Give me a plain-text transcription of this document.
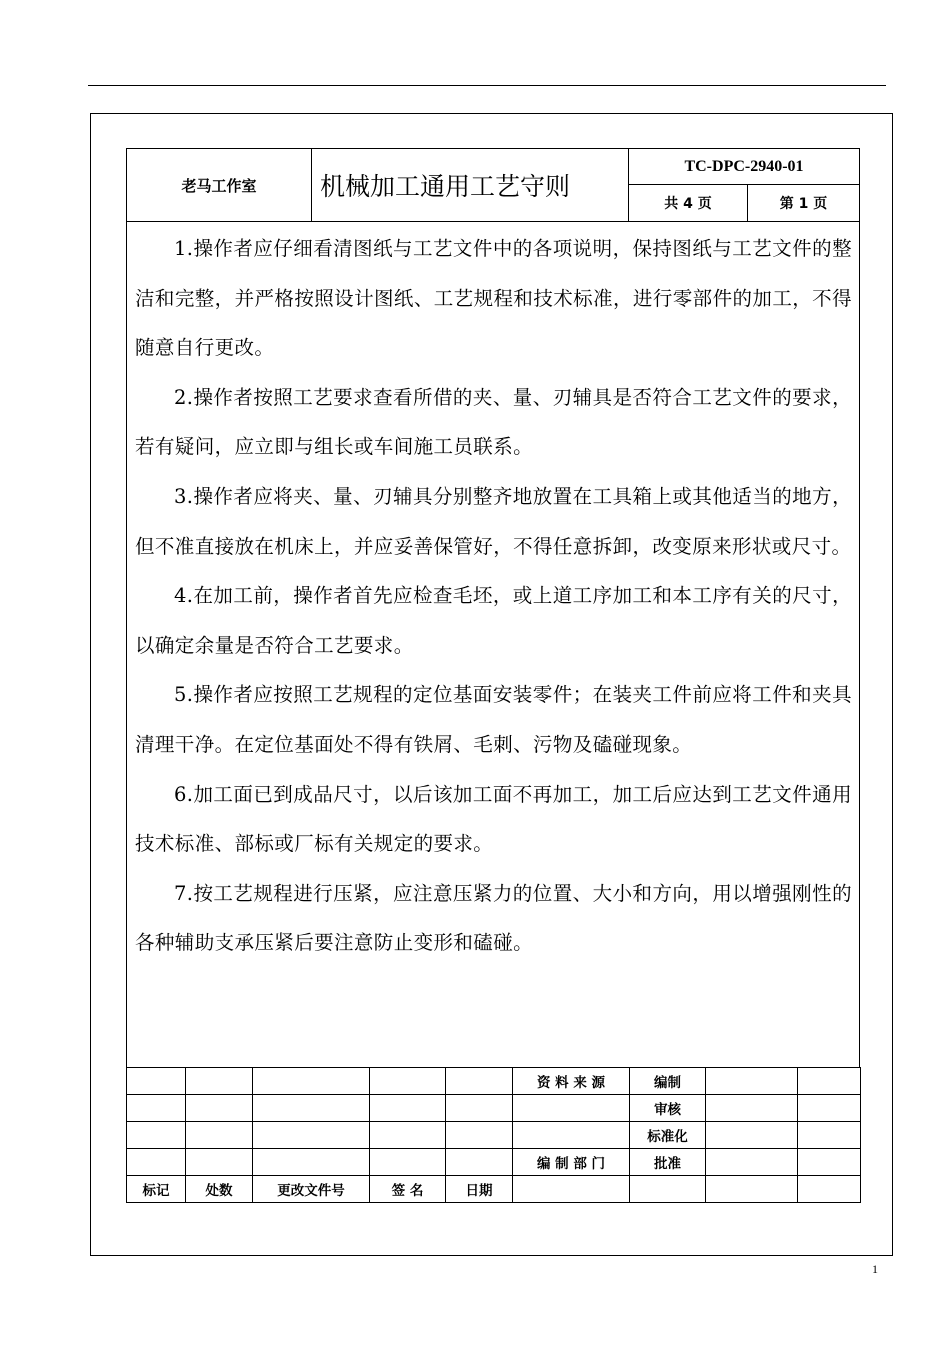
老马工作室	机械加工通用工艺守则
TC-DPC-2940-01
共 4 页	第 1 页

1.操作者应仔细看清图纸与工艺文件中的各项说明，保持图纸与工艺文件的整洁和完整，并严格按照设计图纸、工艺规程和技术标准，进行零部件的加工，不得随意自行更改。

2.操作者按照工艺要求查看所借的夹、量、刃辅具是否符合工艺文件的要求，若有疑问，应立即与组长或车间施工员联系。

3.操作者应将夹、量、刃辅具分别整齐地放置在工具箱上或其他适当的地方，但不准直接放在机床上，并应妥善保管好，不得任意拆卸，改变原来形状或尺寸。

4.在加工前，操作者首先应检查毛坯，或上道工序加工和本工序有关的尺寸，以确定余量是否符合工艺要求。

5.操作者应按照工艺规程的定位基面安装零件；在装夹工件前应将工件和夹具清理干净。在定位基面处不得有铁屑、毛刺、污物及磕碰现象。

6.加工面已到成品尺寸，以后该加工面不再加工，加工后应达到工艺文件通用技术标准、部标或厂标有关规定的要求。

7.按工艺规程进行压紧，应注意压紧力的位置、大小和方向，用以增强刚性的各种辅助支承压紧后要注意防止变形和磕碰。

					资 料 来 源	编制		
						审核		
						标准化		
					编 制 部 门	批准		
标记	处数	更改文件号	签 名	日期				
1
